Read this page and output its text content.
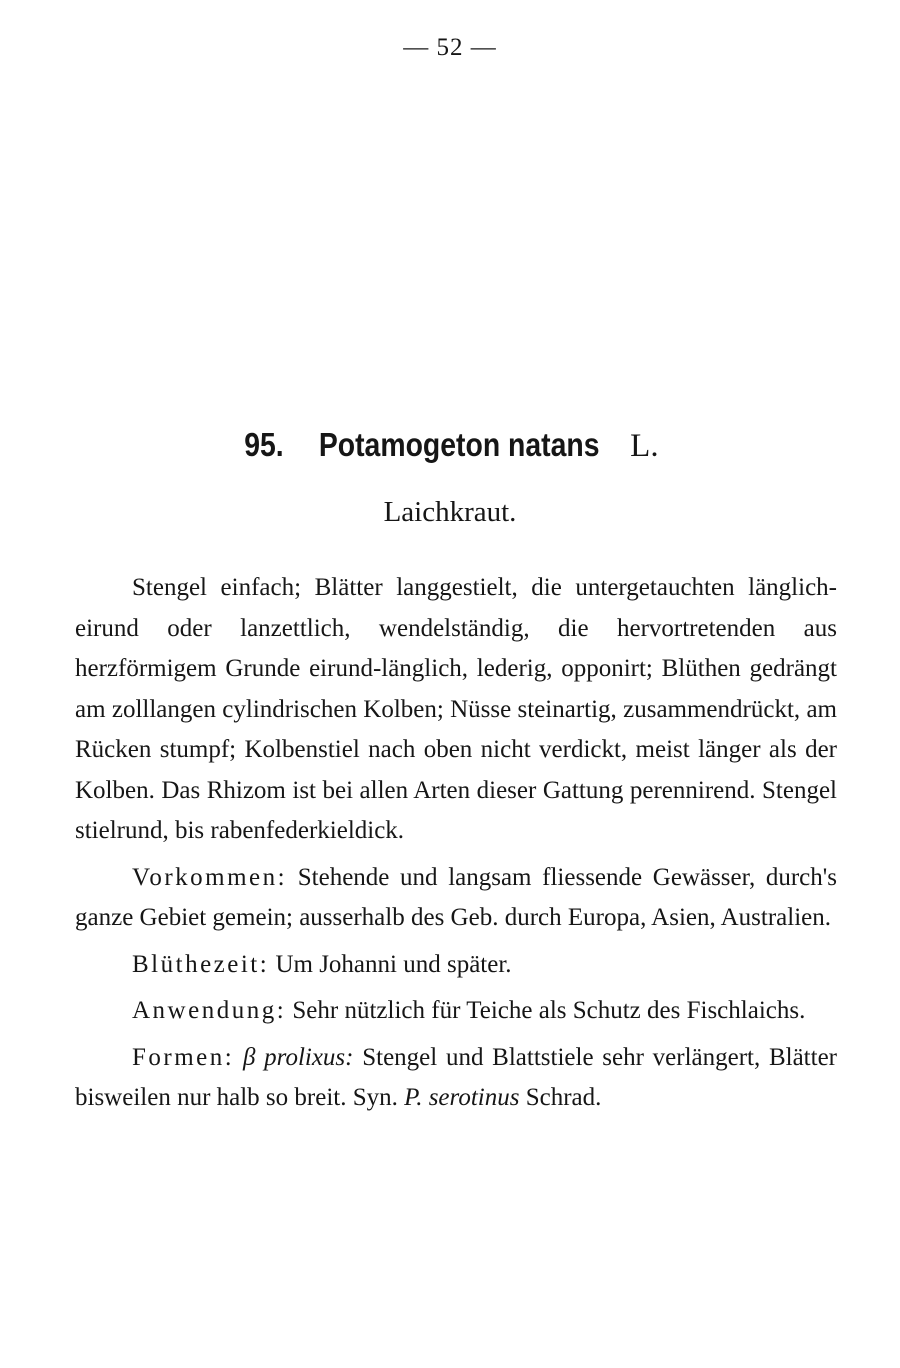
— 52 —
95. Potamogeton natans L.
Laichkraut.

Stengel einfach; Blätter langgestielt, die untergetauchten länglich-eirund oder lanzettlich, wendelständig, die hervortretenden aus herzförmigem Grunde eirund-länglich, lederig, opponirt; Blüthen gedrängt am zolllangen cylindrischen Kolben; Nüsse steinartig, zusammendrückt, am Rücken stumpf; Kolbenstiel nach oben nicht verdickt, meist länger als der Kolben. Das Rhizom ist bei allen Arten dieser Gattung perennirend. Stengel stielrund, bis rabenfederkieldick.

Vorkommen: Stehende und langsam fliessende Gewässer, durch's ganze Gebiet gemein; ausserhalb des Geb. durch Europa, Asien, Australien.

Blüthezeit: Um Johanni und später.

Anwendung: Sehr nützlich für Teiche als Schutz des Fischlaichs.

Formen: β prolixus: Stengel und Blattstiele sehr verlängert, Blätter bisweilen nur halb so breit. Syn. P. serotinus Schrad.
